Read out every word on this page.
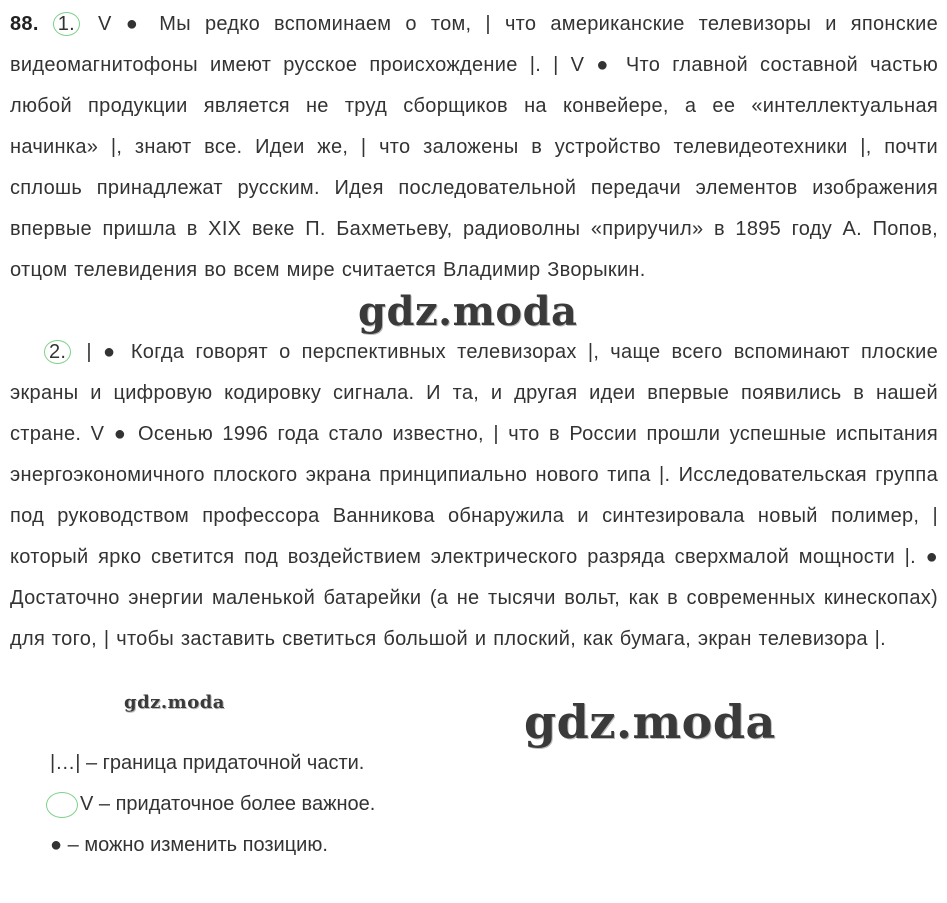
88. 1. V ● Мы редко вспоминаем о том, | что американские телевизоры и японские видеомагнитофоны имеют русское происхождение |. | V ● Что главной составной частью любой продукции является не труд сборщиков на конвейере, а ее «интеллектуальная начинка» |, знают все. Идеи же, | что заложены в устройство телевидеотехники |, почти сплошь принадлежат русским. Идея последовательной передачи элементов изображения впервые пришла в XIX веке П. Бахметьеву, радиоволны «приручил» в 1895 году А. Попов, отцом телевидения во всем мире считается Владимир Зворыкин.
2. | ● Когда говорят о перспективных телевизорах |, чаще всего вспоминают плоские экраны и цифровую кодировку сигнала. И та, и другая идеи впервые появились в нашей стране. V ● Осенью 1996 года стало известно, | что в России прошли успешные испытания энергоэкономичного плоского экрана принципиально нового типа |. Исследовательская группа под руководством профессора Ванникова обнаружила и синтезировала новый полимер, | который ярко светится под воздействием электрического разряда сверхмалой мощности |. ● Достаточно энергии маленькой батарейки (а не тысячи вольт, как в современных кинескопах) для того, | чтобы заставить светиться большой и плоский, как бумага, экран телевизора |.
|…| – граница придаточной части.
V – придаточное более важное.
● – можно изменить позицию.
gdz.moda
gdz.moda	gdz.moda
